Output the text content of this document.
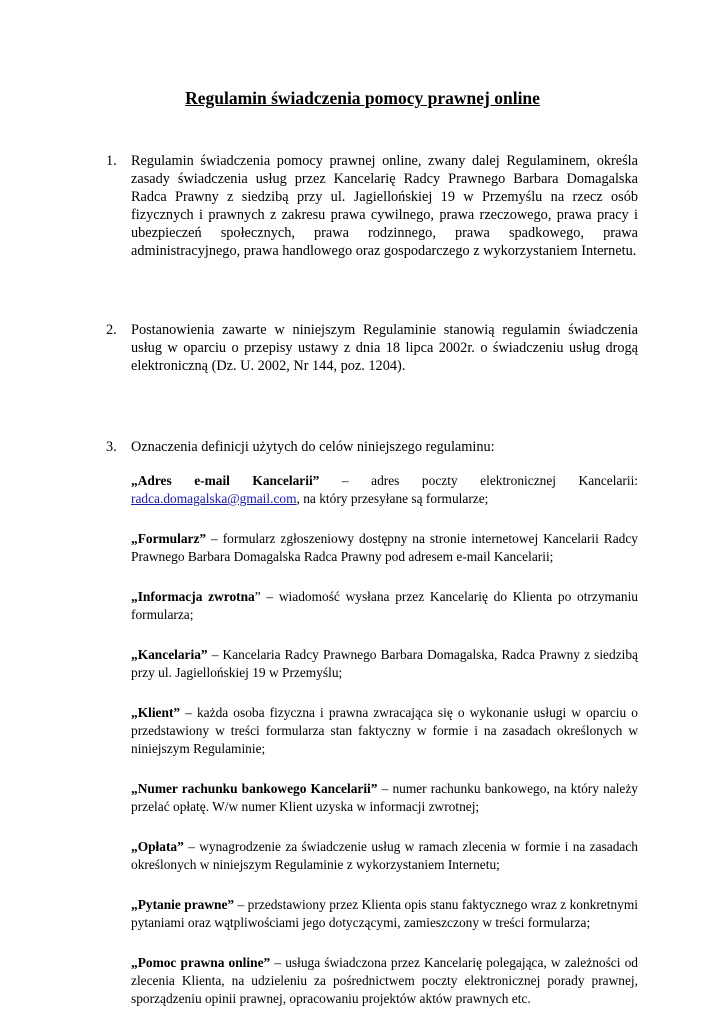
Regulamin świadczenia pomocy prawnej online
1. Regulamin świadczenia pomocy prawnej online, zwany dalej Regulaminem, określa zasady świadczenia usług przez Kancelarię Radcy Prawnego Barbara Domagalska Radca Prawny z siedzibą przy ul. Jagiellońskiej 19 w Przemyślu na rzecz osób fizycznych i prawnych z zakresu prawa cywilnego, prawa rzeczowego, prawa pracy i ubezpieczeń społecznych, prawa rodzinnego, prawa spadkowego, prawa administracyjnego, prawa handlowego oraz gospodarczego z wykorzystaniem Internetu.
2. Postanowienia zawarte w niniejszym Regulaminie stanowią regulamin świadczenia usług w oparciu o przepisy ustawy z dnia 18 lipca 2002r. o świadczeniu usług drogą elektroniczną (Dz. U. 2002, Nr 144, poz. 1204).
3. Oznaczenia definicji użytych do celów niniejszego regulaminu:

„Adres e-mail Kancelarii” – adres poczty elektronicznej Kancelarii: radca.domagalska@gmail.com, na który przesyłane są formularze;

„Formularz” – formularz zgłoszeniowy dostępny na stronie internetowej Kancelarii Radcy Prawnego Barbara Domagalska Radca Prawny pod adresem e-mail Kancelarii;

„Informacja zwrotna” – wiadomość wysłana przez Kancelarię do Klienta po otrzymaniu formularza;

„Kancelaria” – Kancelaria Radcy Prawnego Barbara Domagalska, Radca Prawny z siedzibą przy ul. Jagiellońskiej 19 w Przemyślu;

„Klient” – każda osoba fizyczna i prawna zwracająca się o wykonanie usługi w oparciu o przedstawiony w treści formularza stan faktyczny w formie i na zasadach określonych w niniejszym Regulaminie;

„Numer rachunku bankowego Kancelarii” – numer rachunku bankowego, na który należy przelać opłatę. W/w numer Klient uzyska w informacji zwrotnej;

„Opłata” – wynagrodzenie za świadczenie usług w ramach zlecenia w formie i na zasadach określonych w niniejszym Regulaminie z wykorzystaniem Internetu;

„Pytanie prawne” – przedstawiony przez Klienta opis stanu faktycznego wraz z konkretnymi pytaniami oraz wątpliwościami jego dotyczącymi, zamieszczony w treści formularza;

„Pomoc prawna online” – usługa świadczona przez Kancelarię polegająca, w zależności od zlecenia Klienta, na udzieleniu za pośrednictwem poczty elektronicznej porady prawnej, sporządzeniu opinii prawnej, opracowaniu projektów aktów prawnych etc.
